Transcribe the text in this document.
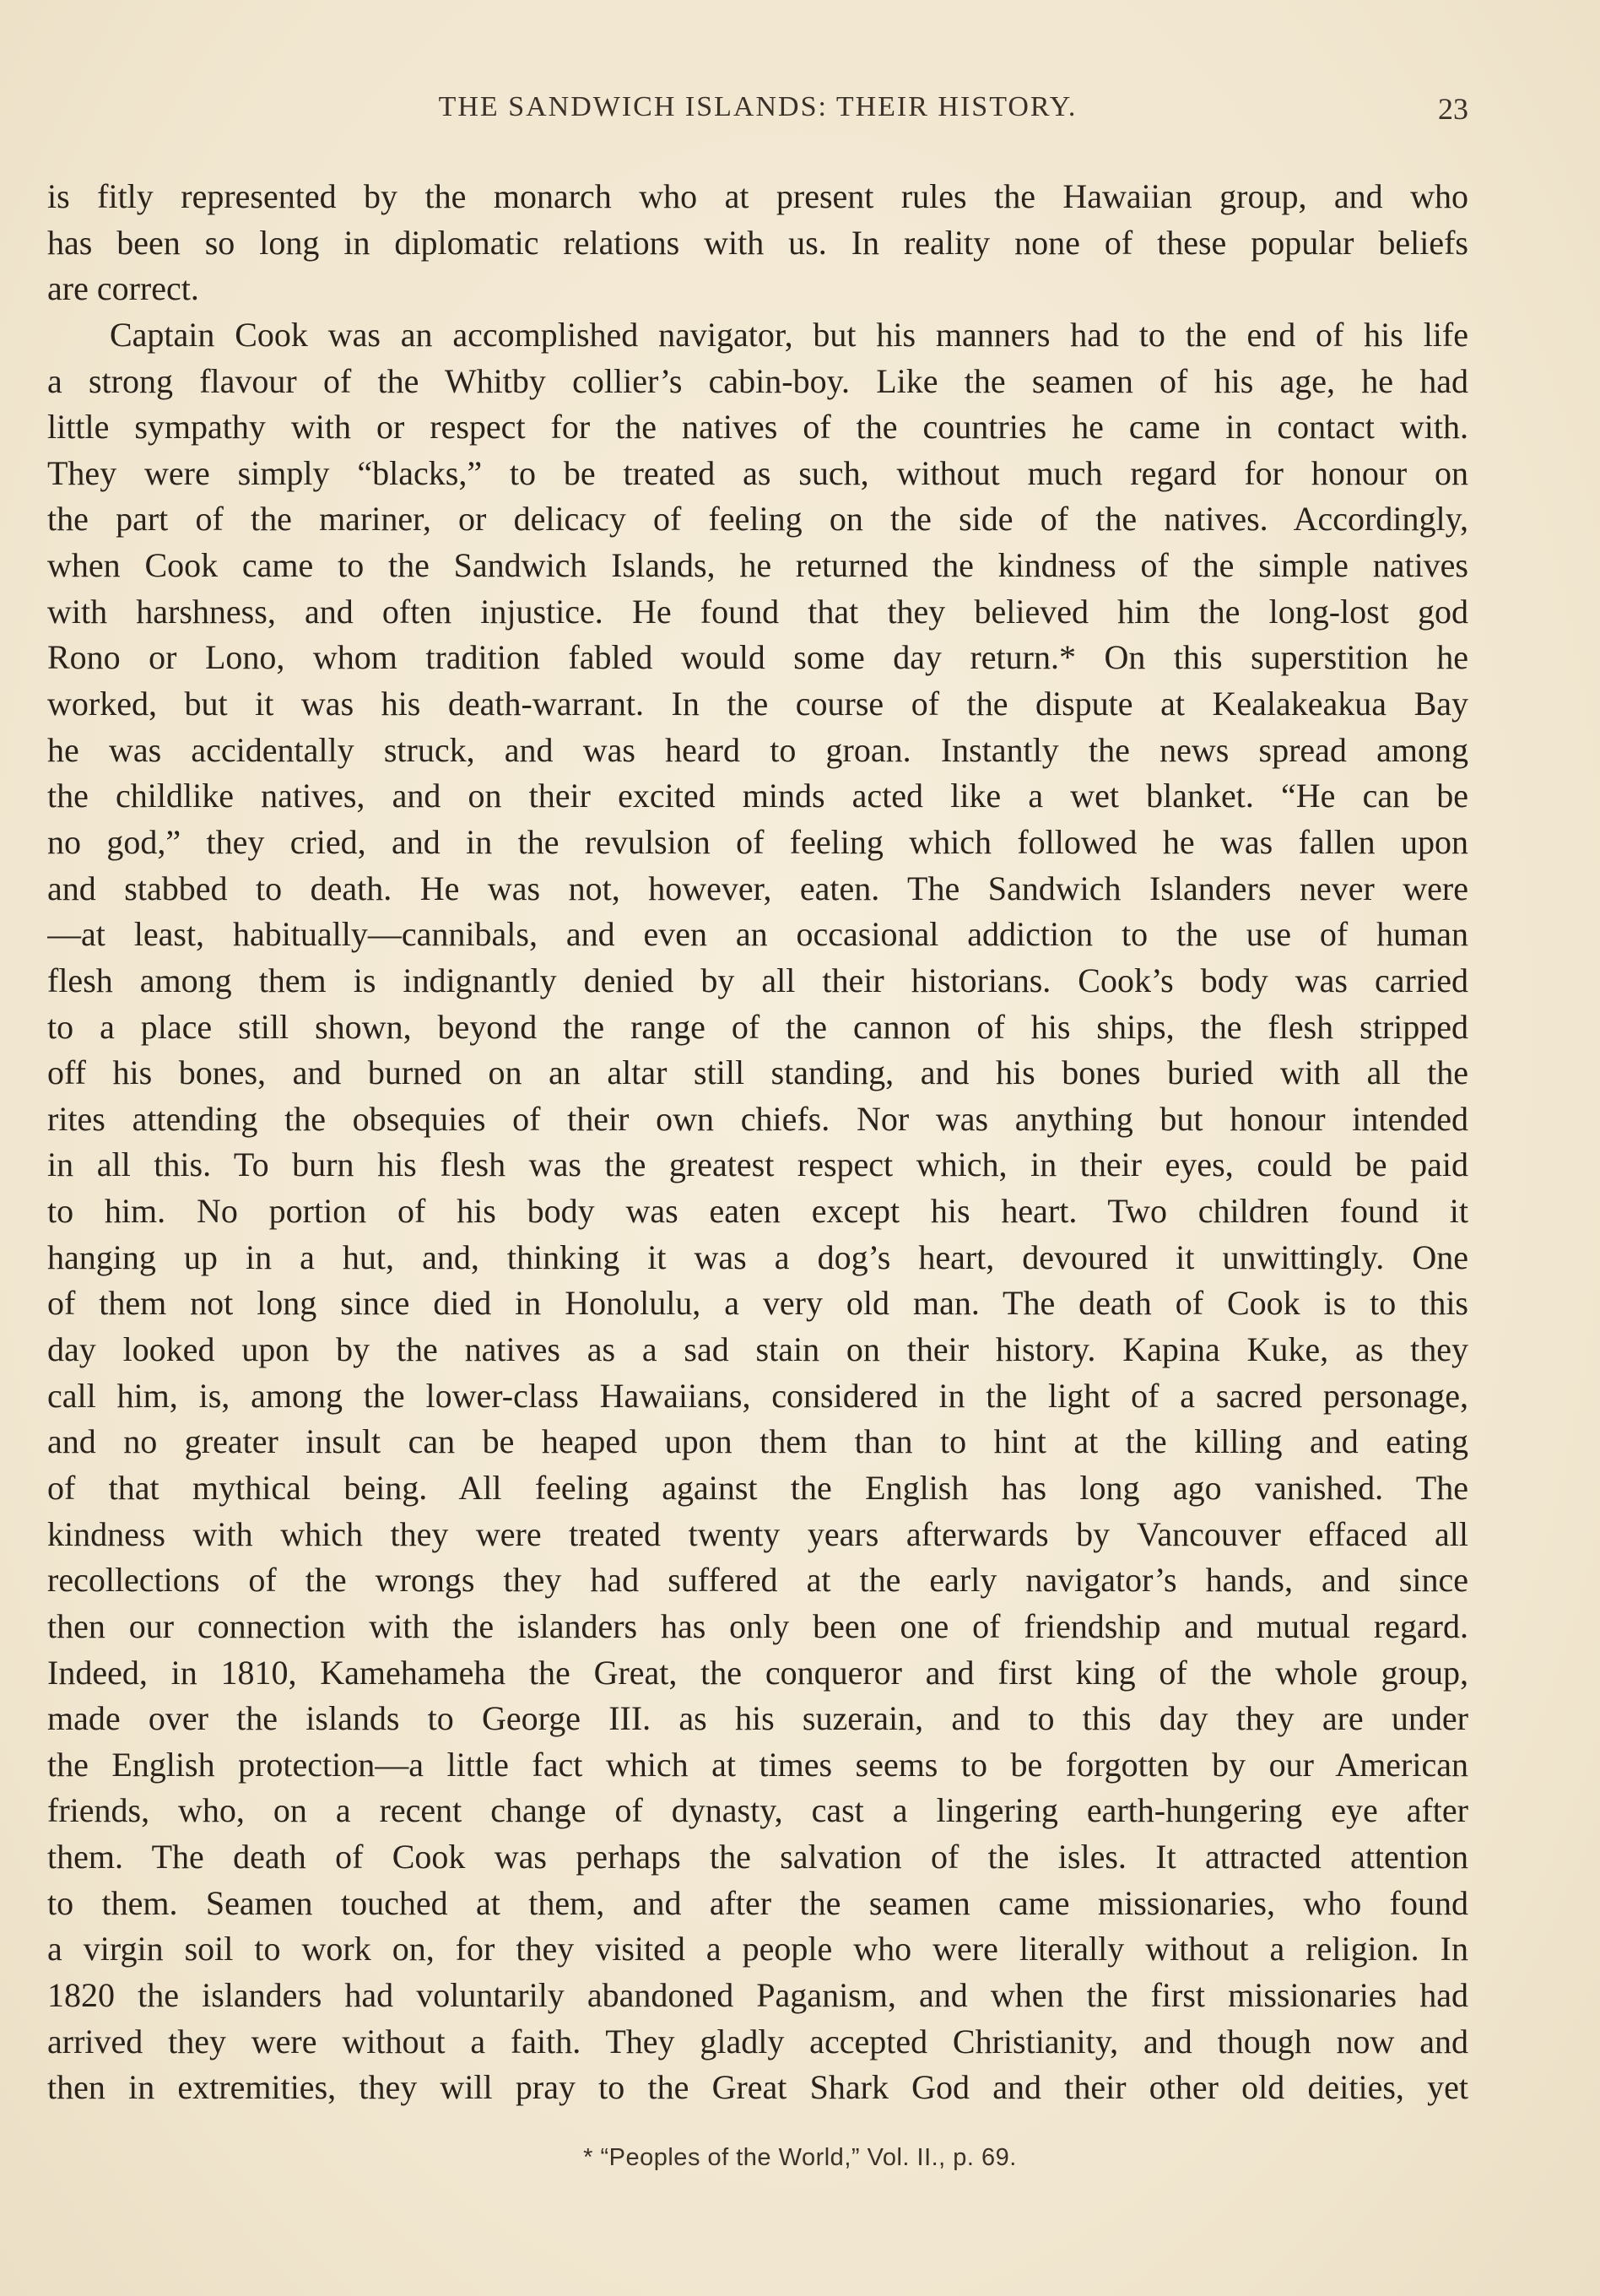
THE SANDWICH ISLANDS: THEIR HISTORY.	23
is fitly represented by the monarch who at present rules the Hawaiian group, and who
has been so long in diplomatic relations with us. In reality none of these popular beliefs
are correct.
Captain Cook was an accomplished navigator, but his manners had to the end of his life
a strong flavour of the Whitby collier’s cabin-boy. Like the seamen of his age, he had
little sympathy with or respect for the natives of the countries he came in contact with.
They were simply “blacks,” to be treated as such, without much regard for honour on
the part of the mariner, or delicacy of feeling on the side of the natives. Accordingly,
when Cook came to the Sandwich Islands, he returned the kindness of the simple natives
with harshness, and often injustice. He found that they believed him the long-lost god
Rono or Lono, whom tradition fabled would some day return.* On this superstition he
worked, but it was his death-warrant. In the course of the dispute at Kealakeakua Bay
he was accidentally struck, and was heard to groan. Instantly the news spread among
the childlike natives, and on their excited minds acted like a wet blanket. “He can be
no god,” they cried, and in the revulsion of feeling which followed he was fallen upon
and stabbed to death. He was not, however, eaten. The Sandwich Islanders never were
—at least, habitually—cannibals, and even an occasional addiction to the use of human
flesh among them is indignantly denied by all their historians. Cook’s body was carried
to a place still shown, beyond the range of the cannon of his ships, the flesh stripped
off his bones, and burned on an altar still standing, and his bones buried with all the
rites attending the obsequies of their own chiefs. Nor was anything but honour intended
in all this. To burn his flesh was the greatest respect which, in their eyes, could be paid
to him. No portion of his body was eaten except his heart. Two children found it
hanging up in a hut, and, thinking it was a dog’s heart, devoured it unwittingly. One
of them not long since died in Honolulu, a very old man. The death of Cook is to this
day looked upon by the natives as a sad stain on their history. Kapina Kuke, as they
call him, is, among the lower-class Hawaiians, considered in the light of a sacred personage,
and no greater insult can be heaped upon them than to hint at the killing and eating
of that mythical being. All feeling against the English has long ago vanished. The
kindness with which they were treated twenty years afterwards by Vancouver effaced all
recollections of the wrongs they had suffered at the early navigator’s hands, and since
then our connection with the islanders has only been one of friendship and mutual regard.
Indeed, in 1810, Kamehameha the Great, the conqueror and first king of the whole group,
made over the islands to George III. as his suzerain, and to this day they are under
the English protection—a little fact which at times seems to be forgotten by our American
friends, who, on a recent change of dynasty, cast a lingering earth-hungering eye after
them. The death of Cook was perhaps the salvation of the isles. It attracted attention
to them. Seamen touched at them, and after the seamen came missionaries, who found
a virgin soil to work on, for they visited a people who were literally without a religion. In
1820 the islanders had voluntarily abandoned Paganism, and when the first missionaries had
arrived they were without a faith. They gladly accepted Christianity, and though now and
then in extremities, they will pray to the Great Shark God and their other old deities, yet
* “Peoples of the World,” Vol. II., p. 69.
